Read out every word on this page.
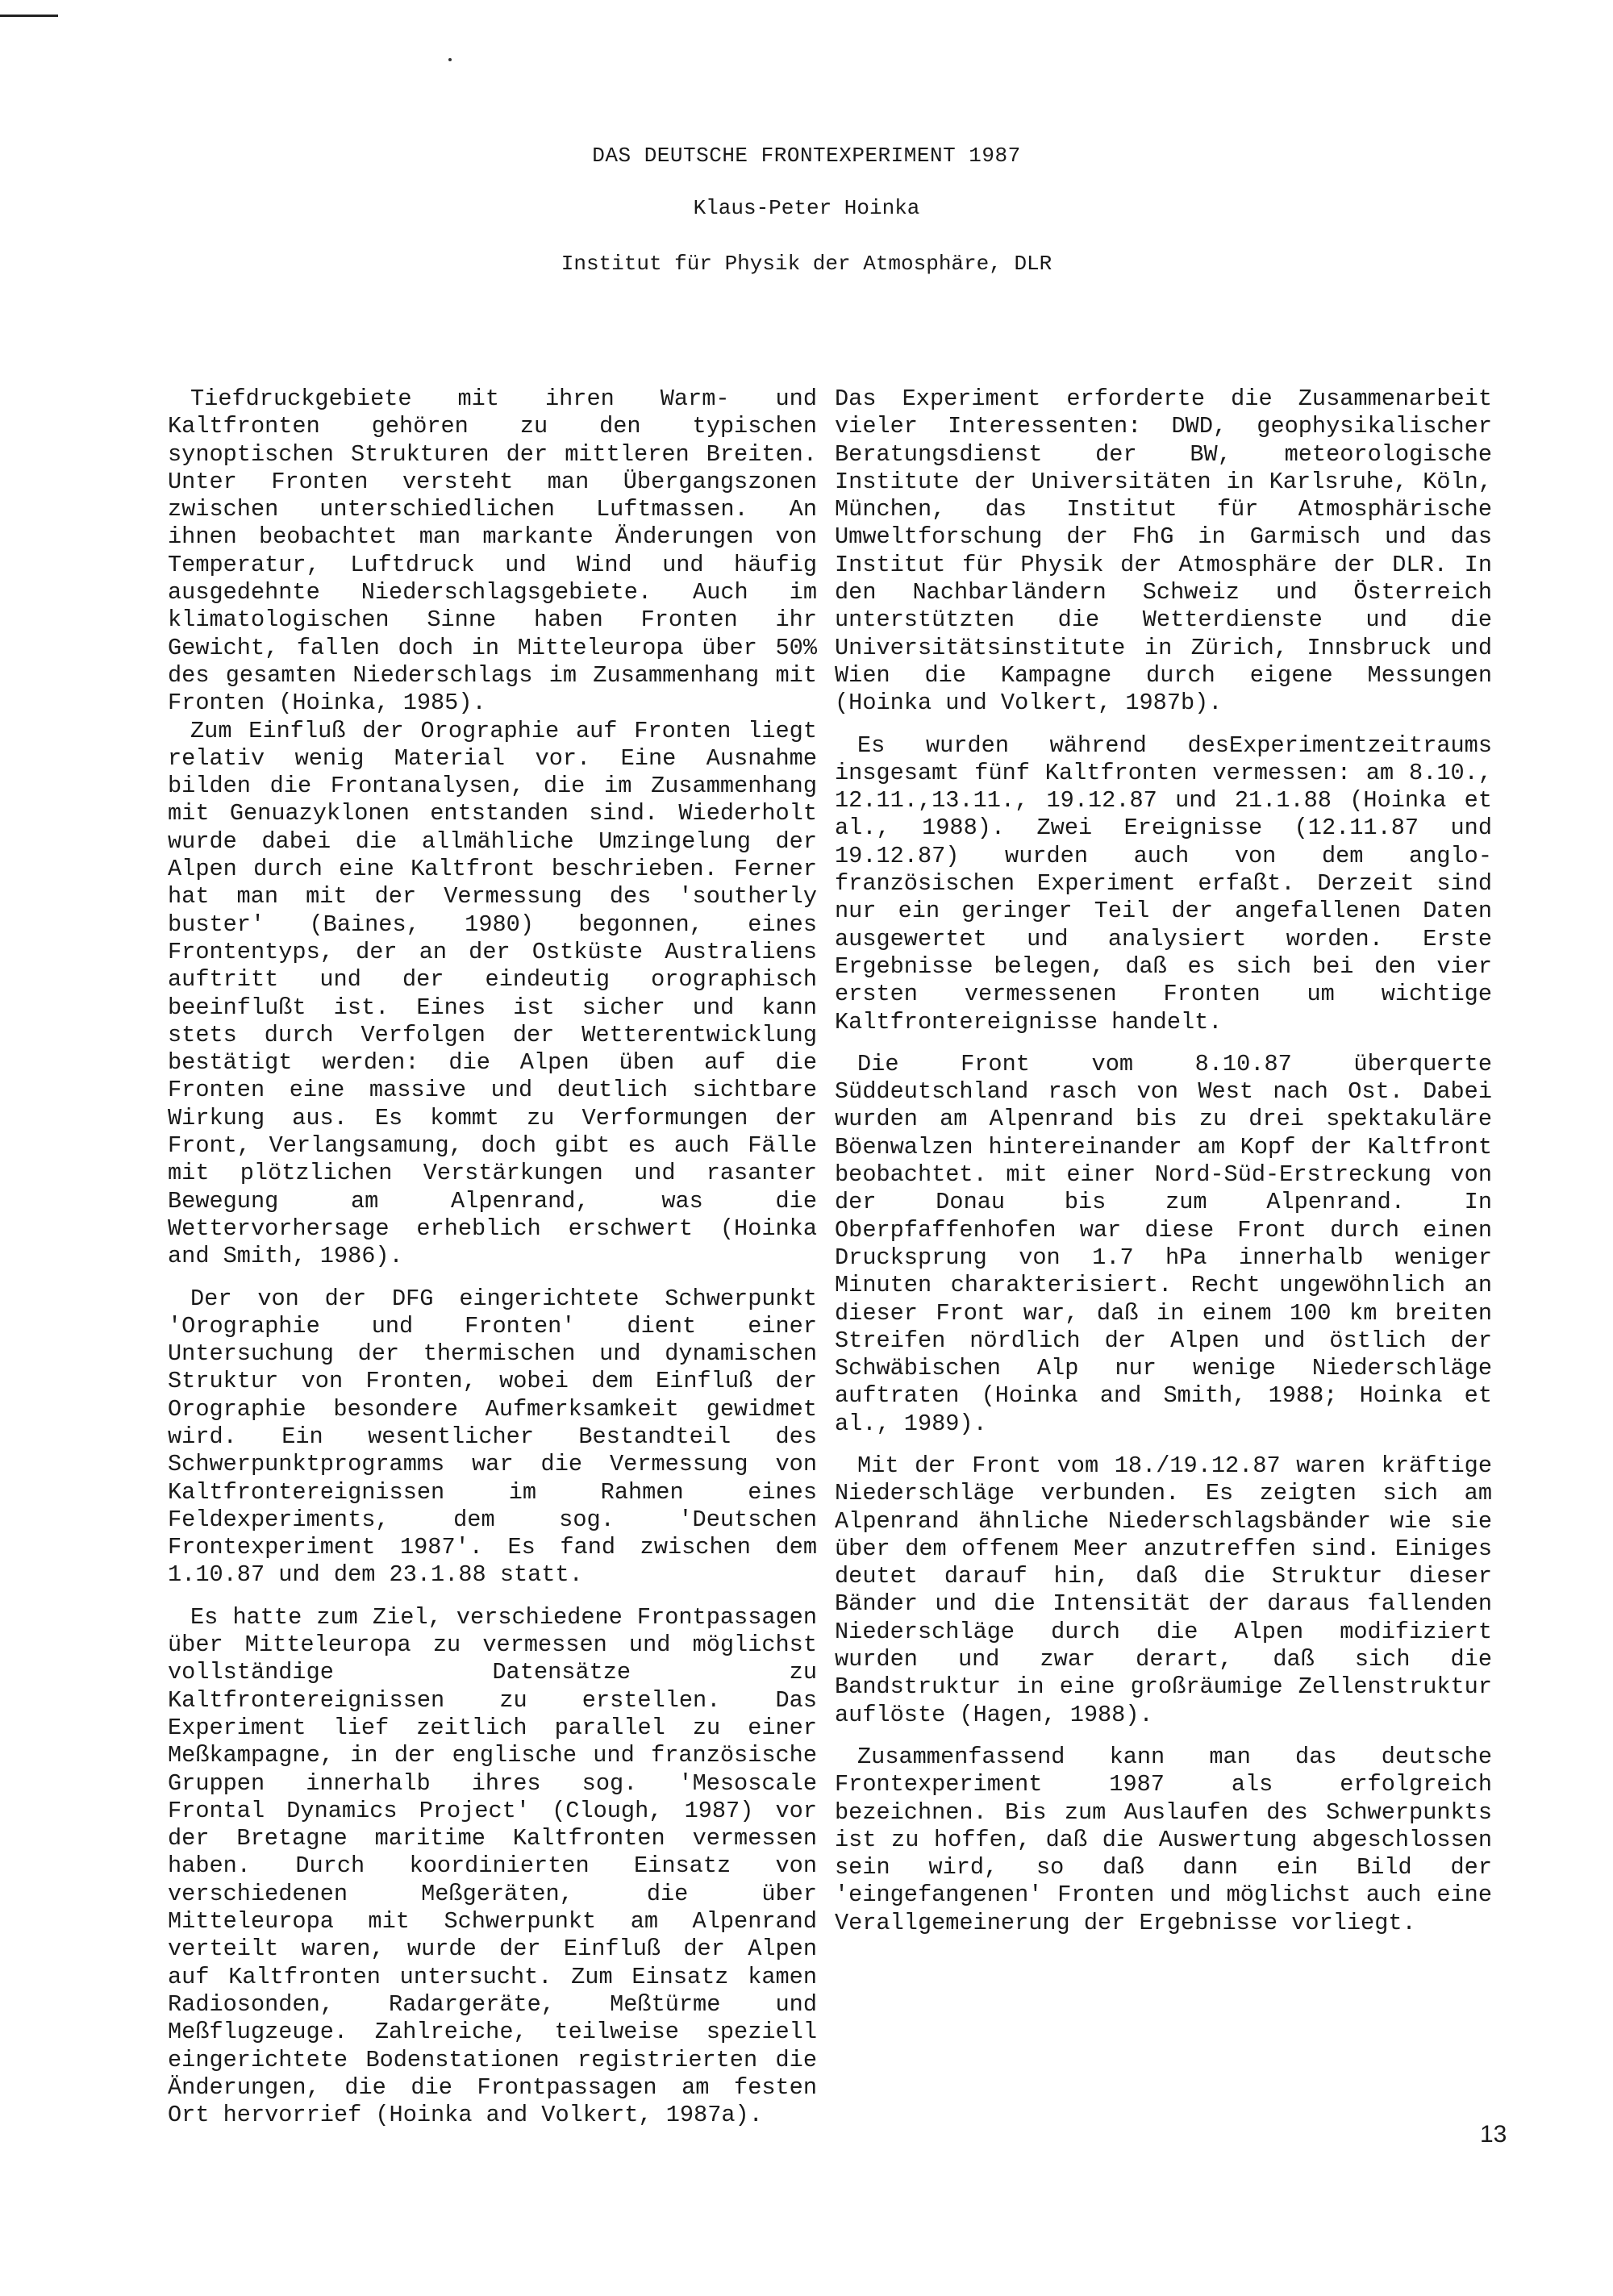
DAS DEUTSCHE FRONTEXPERIMENT 1987
Klaus-Peter Hoinka
Institut für Physik der Atmosphäre, DLR

Tiefdruckgebiete mit ihren Warm- und Kaltfronten gehören zu den typischen synoptischen Strukturen der mittleren Breiten. Unter Fronten versteht man Übergangszonen zwischen unterschiedlichen Luftmassen. An ihnen beobachtet man markante Änderungen von Temperatur, Luftdruck und Wind und häufig ausgedehnte Niederschlagsgebiete. Auch im klimatologischen Sinne haben Fronten ihr Gewicht, fallen doch in Mitteleuropa über 50% des gesamten Niederschlags im Zusammenhang mit Fronten (Hoinka, 1985).

Zum Einfluß der Orographie auf Fronten liegt relativ wenig Material vor. Eine Ausnahme bilden die Frontanalysen, die im Zusammenhang mit Genuazyklonen entstanden sind. Wiederholt wurde dabei die allmähliche Umzingelung der Alpen durch eine Kaltfront beschrieben. Ferner hat man mit der Vermessung des 'southerly buster' (Baines, 1980) begonnen, eines Frontentyps, der an der Ostküste Australiens auftritt und der eindeutig orographisch beeinflußt ist. Eines ist sicher und kann stets durch Verfolgen der Wetterentwicklung bestätigt werden: die Alpen üben auf die Fronten eine massive und deutlich sichtbare Wirkung aus. Es kommt zu Verformungen der Front, Verlangsamung, doch gibt es auch Fälle mit plötzlichen Verstärkungen und rasanter Bewegung am Alpenrand, was die Wettervorhersage erheblich erschwert (Hoinka and Smith, 1986).

Der von der DFG eingerichtete Schwerpunkt 'Orographie und Fronten' dient einer Untersuchung der thermischen und dynamischen Struktur von Fronten, wobei dem Einfluß der Orographie besondere Aufmerksamkeit gewidmet wird. Ein wesentlicher Bestandteil des Schwerpunktprogramms war die Vermessung von Kaltfrontereignissen im Rahmen eines Feldexperiments, dem sog. 'Deutschen Frontexperiment 1987'. Es fand zwischen dem 1.10.87 und dem 23.1.88 statt.

Es hatte zum Ziel, verschiedene Frontpassagen über Mitteleuropa zu vermessen und möglichst vollständige Datensätze zu Kaltfrontereignissen zu erstellen. Das Experiment lief zeitlich parallel zu einer Meßkampagne, in der englische und französische Gruppen innerhalb ihres sog. 'Mesoscale Frontal Dynamics Project' (Clough, 1987) vor der Bretagne maritime Kaltfronten vermessen haben. Durch koordinierten Einsatz von verschiedenen Meßgeräten, die über Mitteleuropa mit Schwerpunkt am Alpenrand verteilt waren, wurde der Einfluß der Alpen auf Kaltfronten untersucht. Zum Einsatz kamen Radiosonden, Radargeräte, Meßtürme und Meßflugzeuge. Zahlreiche, teilweise speziell eingerichtete Bodenstationen registrierten die Änderungen, die die Frontpassagen am festen Ort hervorrief (Hoinka and Volkert, 1987a).

Das Experiment erforderte die Zusammenarbeit vieler Interessenten: DWD, geophysikalischer Beratungsdienst der BW, meteorologische Institute der Universitäten in Karlsruhe, Köln, München, das Institut für Atmosphärische Umweltforschung der FhG in Garmisch und das Institut für Physik der Atmosphäre der DLR. In den Nachbarländern Schweiz und Österreich unterstützten die Wetterdienste und die Universitätsinstitute in Zürich, Innsbruck und Wien die Kampagne durch eigene Messungen (Hoinka und Volkert, 1987b).

Es wurden während desExperimentzeitraums insgesamt fünf Kaltfronten vermessen: am 8.10., 12.11.,13.11., 19.12.87 und 21.1.88 (Hoinka et al., 1988). Zwei Ereignisse (12.11.87 und 19.12.87) wurden auch von dem anglo-französischen Experiment erfaßt. Derzeit sind nur ein geringer Teil der angefallenen Daten ausgewertet und analysiert worden. Erste Ergebnisse belegen, daß es sich bei den vier ersten vermessenen Fronten um wichtige Kaltfrontereignisse handelt.

Die Front vom 8.10.87 überquerte Süddeutschland rasch von West nach Ost. Dabei wurden am Alpenrand bis zu drei spektakuläre Böenwalzen hintereinander am Kopf der Kaltfront beobachtet. mit einer Nord-Süd-Erstreckung von der Donau bis zum Alpenrand. In Oberpfaffenhofen war diese Front durch einen Drucksprung von 1.7 hPa innerhalb weniger Minuten charakterisiert. Recht ungewöhnlich an dieser Front war, daß in einem 100 km breiten Streifen nördlich der Alpen und östlich der Schwäbischen Alp nur wenige Niederschläge auftraten (Hoinka and Smith, 1988; Hoinka et al., 1989).

Mit der Front vom 18./19.12.87 waren kräftige Niederschläge verbunden. Es zeigten sich am Alpenrand ähnliche Niederschlagsbänder wie sie über dem offenem Meer anzutreffen sind. Einiges deutet darauf hin, daß die Struktur dieser Bänder und die Intensität der daraus fallenden Niederschläge durch die Alpen modifiziert wurden und zwar derart, daß sich die Bandstruktur in eine großräumige Zellenstruktur auflöste (Hagen, 1988).

Zusammenfassend kann man das deutsche Frontexperiment 1987 als erfolgreich bezeichnen. Bis zum Auslaufen des Schwerpunkts ist zu hoffen, daß die Auswertung abgeschlossen sein wird, so daß dann ein Bild der 'eingefangenen' Fronten und möglichst auch eine Verallgemeinerung der Ergebnisse vorliegt.

13
